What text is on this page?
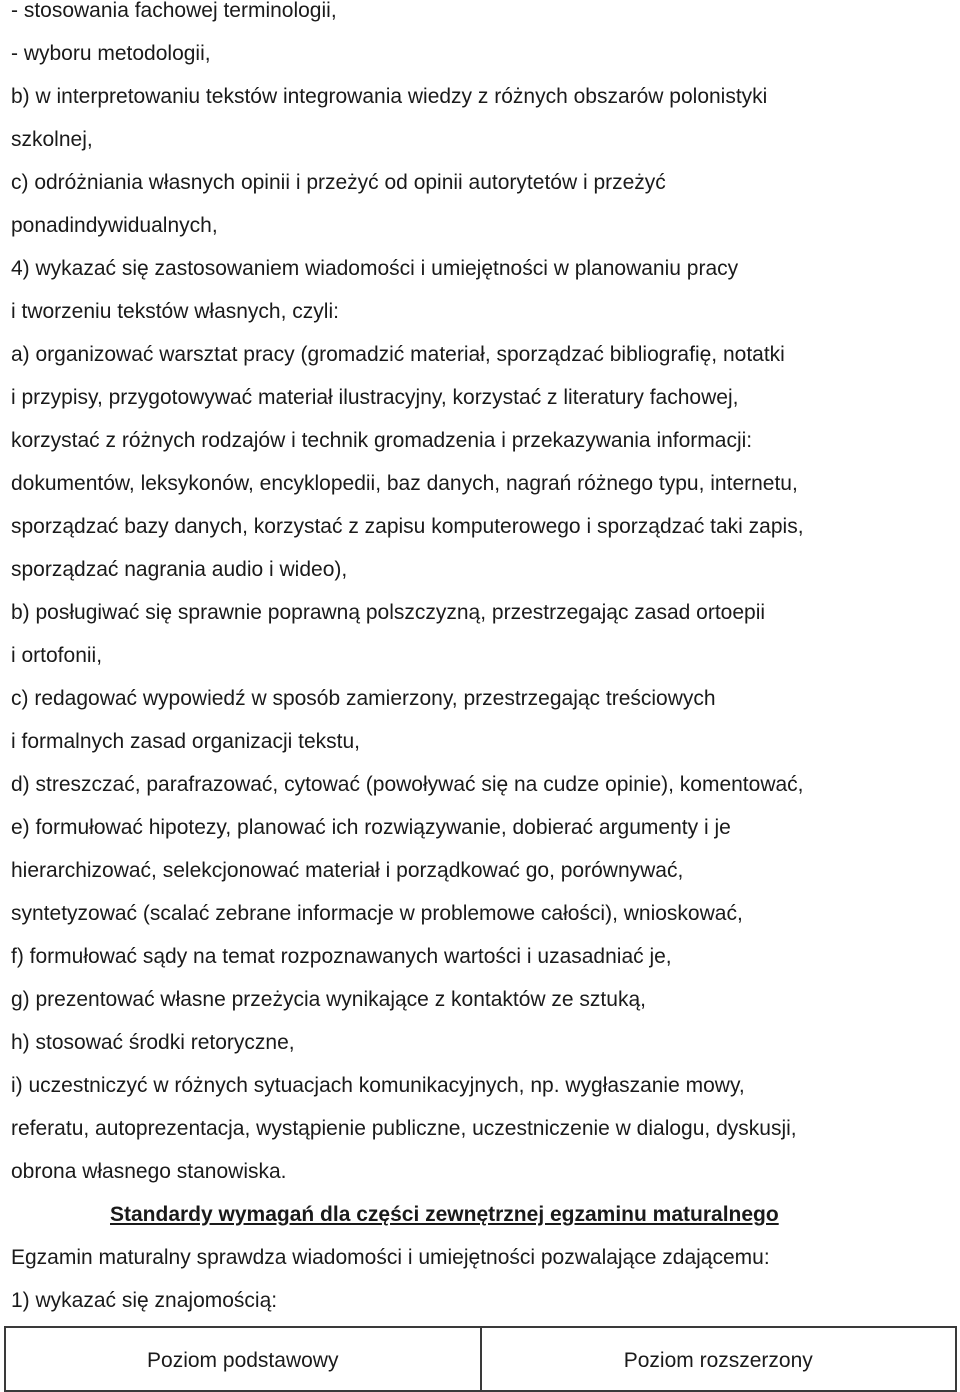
- stosowania fachowej terminologii,
- wyboru metodologii,
b) w interpretowaniu tekstów integrowania wiedzy z różnych obszarów polonistyki
szkolnej,
c) odróżniania własnych opinii i przeżyć od opinii autorytetów i przeżyć
ponadindywidualnych,
4) wykazać się zastosowaniem wiadomości i umiejętności w planowaniu pracy
i tworzeniu tekstów własnych, czyli:
a) organizować warsztat pracy (gromadzić materiał, sporządzać bibliografię, notatki
i przypisy, przygotowywać materiał ilustracyjny, korzystać z literatury fachowej,
korzystać z różnych rodzajów i technik gromadzenia i przekazywania informacji:
dokumentów, leksykonów, encyklopedii, baz danych, nagrań różnego typu, internetu,
sporządzać bazy danych, korzystać z zapisu komputerowego i sporządzać taki zapis,
sporządzać nagrania audio i wideo),
b) posługiwać się sprawnie poprawną polszczyzną, przestrzegając zasad ortoepii
i ortofonii,
c) redagować wypowiedź w sposób zamierzony, przestrzegając treściowych
i formalnych zasad organizacji tekstu,
d) streszczać, parafrazować, cytować (powoływać się na cudze opinie), komentować,
e) formułować hipotezy, planować ich rozwiązywanie, dobierać argumenty i je
hierarchizować, selekcjonować materiał i porządkować go, porównywać,
syntetyzować (scalać zebrane informacje w problemowe całości), wnioskować,
f) formułować sądy na temat rozpoznawanych wartości i uzasadniać je,
g) prezentować własne przeżycia wynikające z kontaktów ze sztuką,
h) stosować środki retoryczne,
i) uczestniczyć w różnych sytuacjach komunikacyjnych, np. wygłaszanie mowy,
referatu, autoprezentacja, wystąpienie publiczne, uczestniczenie w dialogu, dyskusji,
obrona własnego stanowiska.
Standardy wymagań dla części zewnętrznej egzaminu maturalnego
Egzamin maturalny sprawdza wiadomości i umiejętności pozwalające zdającemu:
1) wykazać się znajomością:
Poziom podstawowy	Poziom rozszerzony
